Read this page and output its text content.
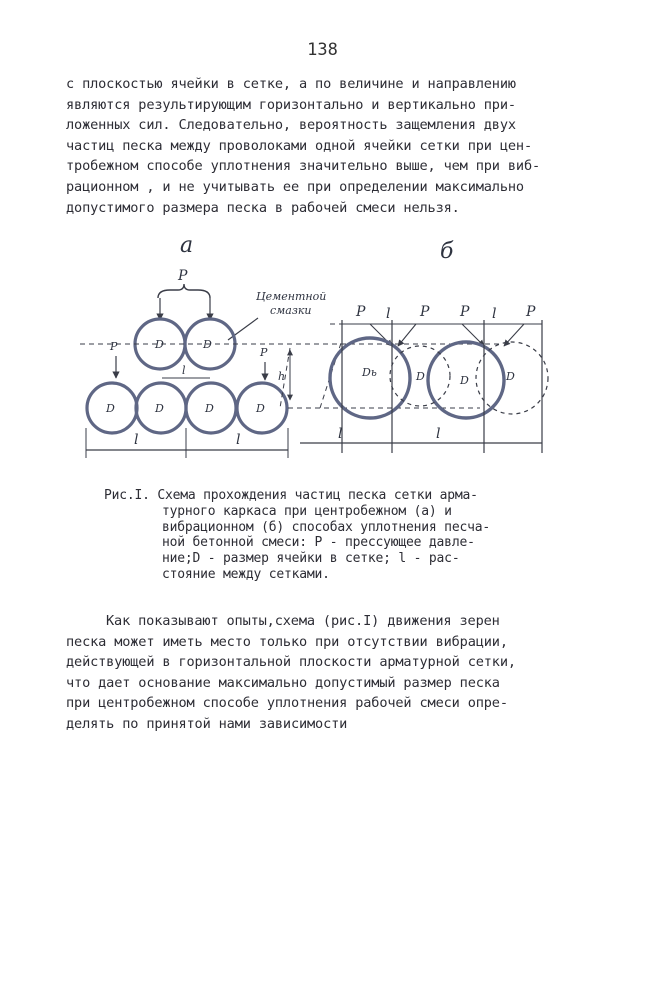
138
с плоскостью ячейки в сетке, а по величине и направлению
являются результирующим горизонтально и вертикально при-
ложенных сил. Следовательно, вероятность защемления двух
частиц песка между проволоками одной ячейки сетки при цен-
тробежном способе уплотнения значительно выше, чем при виб-
рационном , и не учитывать ее при определении максимально
допустимого размера песка в рабочей смеси нельзя.
а	б
Цементной
смазки
P
D	D
D	D	D	D
P	P
l	h
l	l
P l P P l P
Dь	D	D	D
l	l
Рис.I. Схема прохождения частиц песка сетки арма-
турного каркаса при центробежном (а) и
вибрационном (б) способах уплотнения песча-
ной бетонной смеси: Р - прессующее давле-
ние;D - размер ячейки в сетке; l - рас-
стояние между сетками.
Как показывают опыты,схема (рис.I) движения зерен
песка может иметь место только при отсутствии вибрации,
действующей в горизонтальной плоскости арматурной сетки,
что дает основание максимально допустимый размер песка
при центробежном способе уплотнения рабочей смеси опре-
делять по принятой нами зависимости
